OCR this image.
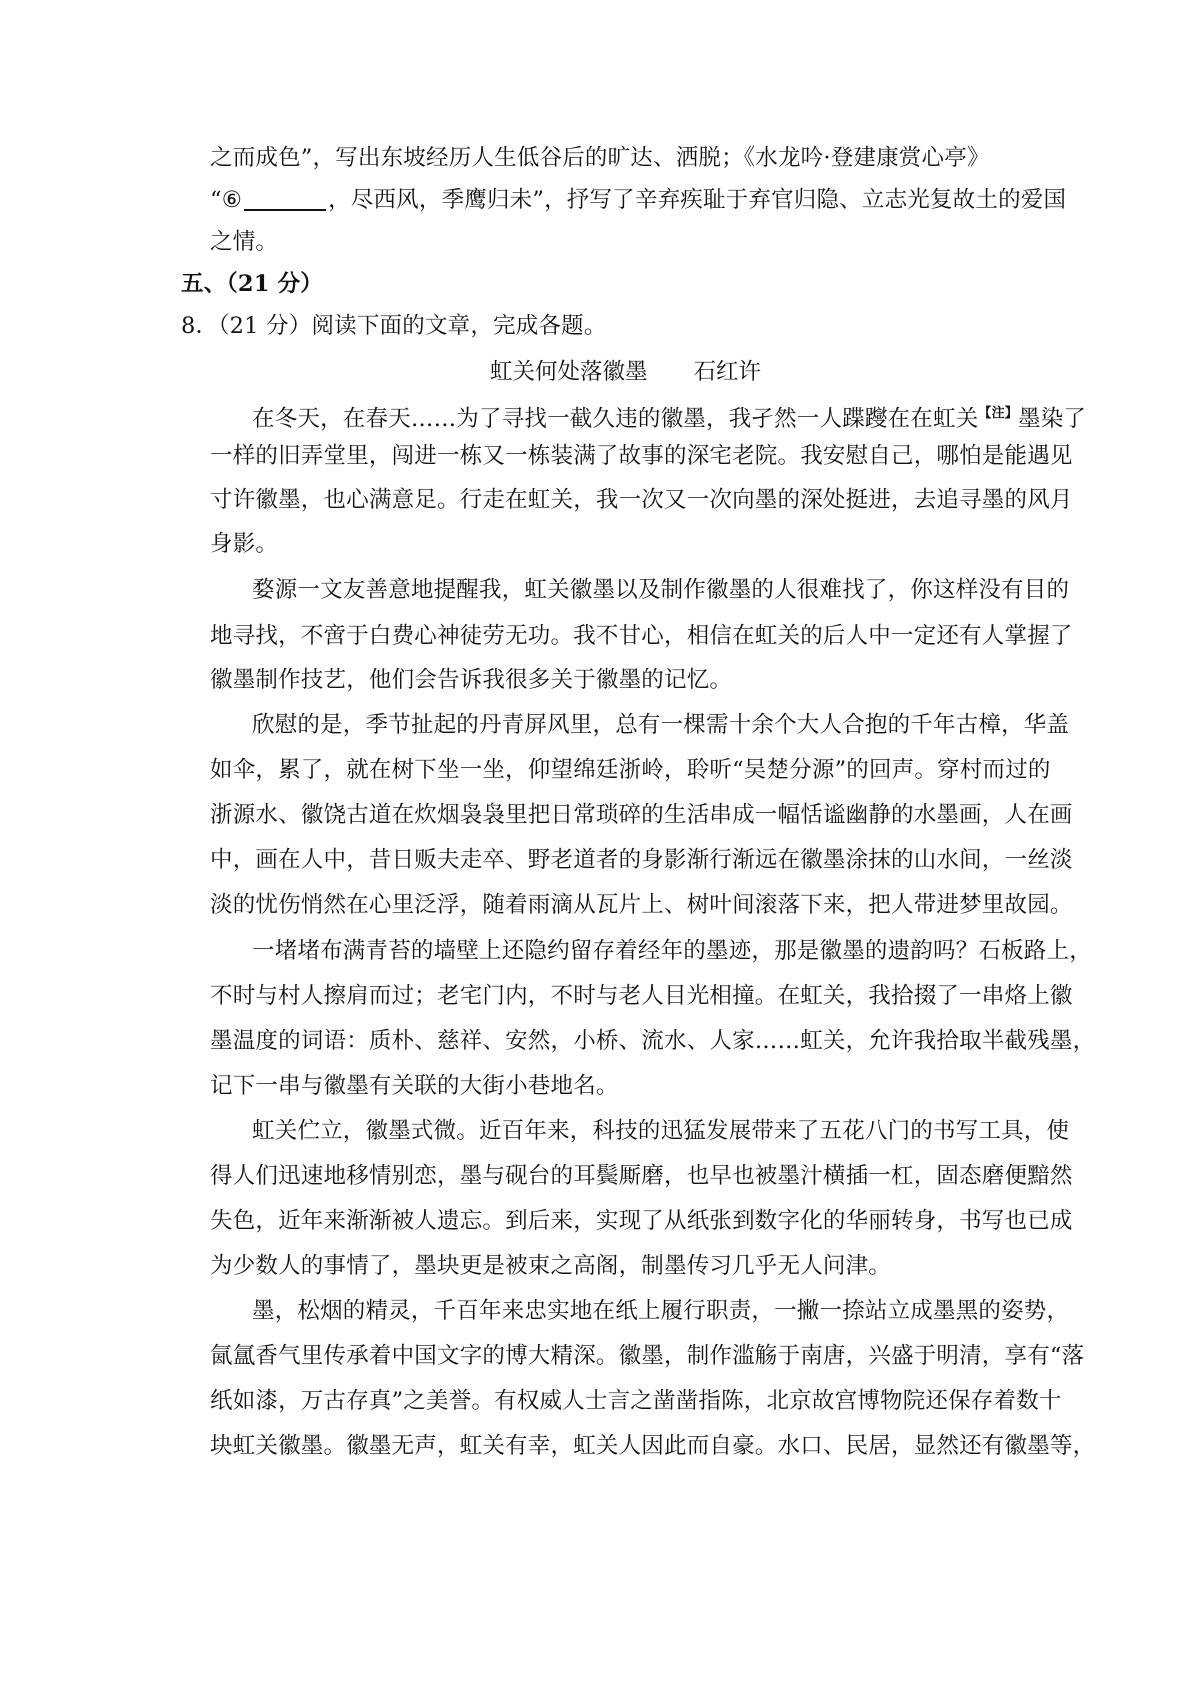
之而成色”，写出东坡经历人生低谷后的旷达、洒脱；《水龙吟·登建康赏心亭》
“⑥	，尽西风，季鹰归未”，抒写了辛弃疾耻于弃官归隐、立志光复故土的爱国
之情。
五、（21 分）
8．（21 分）阅读下面的文章，完成各题。
虹关何处落徽墨 石红许
在冬天，在春天……为了寻找一截久违的徽墨，我孑然一人蹀躞在在虹关$^{【注】}$墨染了
一样的旧弄堂里，闯进一栋又一栋装满了故事的深宅老院。我安慰自己，哪怕是能遇见
寸许徽墨，也心满意足。行走在虹关，我一次又一次向墨的深处挺进，去追寻墨的风月
身影。
婺源一文友善意地提醒我，虹关徽墨以及制作徽墨的人很难找了，你这样没有目的
地寻找，不啻于白费心神徒劳无功。我不甘心，相信在虹关的后人中一定还有人掌握了
徽墨制作技艺，他们会告诉我很多关于徽墨的记忆。
欣慰的是，季节扯起的丹青屏风里，总有一棵需十余个大人合抱的千年古樟，华盖
如伞，累了，就在树下坐一坐，仰望绵廷浙岭，聆听“吴楚分源”的回声。穿村而过的
浙源水、徽饶古道在炊烟袅袅里把日常琐碎的生活串成一幅恬谧幽静的水墨画，人在画
中，画在人中，昔日贩夫走卒、野老道者的身影渐行渐远在徽墨涂抹的山水间，一丝淡
淡的忧伤悄然在心里泛浮，随着雨滴从瓦片上、树叶间滚落下来，把人带进梦里故园。
一堵堵布满青苔的墙壁上还隐约留存着经年的墨迹，那是徽墨的遗韵吗？石板路上，
不时与村人擦肩而过；老宅门内，不时与老人目光相撞。在虹关，我拾掇了一串烙上徽
墨温度的词语：质朴、慈祥、安然，小桥、流水、人家……虹关，允许我拾取半截残墨，
记下一串与徽墨有关联的大街小巷地名。
虹关伫立，徽墨式微。近百年来，科技的迅猛发展带来了五花八门的书写工具，使
得人们迅速地移情别恋，墨与砚台的耳鬓厮磨，也早也被墨汁横插一杠，固态磨便黯然
失色，近年来渐渐被人遗忘。到后来，实现了从纸张到数字化的华丽转身，书写也已成
为少数人的事情了，墨块更是被束之高阁，制墨传习几乎无人问津。
墨，松烟的精灵，千百年来忠实地在纸上履行职责，一撇一捺站立成墨黑的姿势，
氤氲香气里传承着中国文字的博大精深。徽墨，制作滥觞于南唐，兴盛于明清，享有“落
纸如漆，万古存真”之美誉。有权威人士言之凿凿指陈，北京故宫博物院还保存着数十
块虹关徽墨。徽墨无声，虹关有幸，虹关人因此而自豪。水口、民居，显然还有徽墨等，
